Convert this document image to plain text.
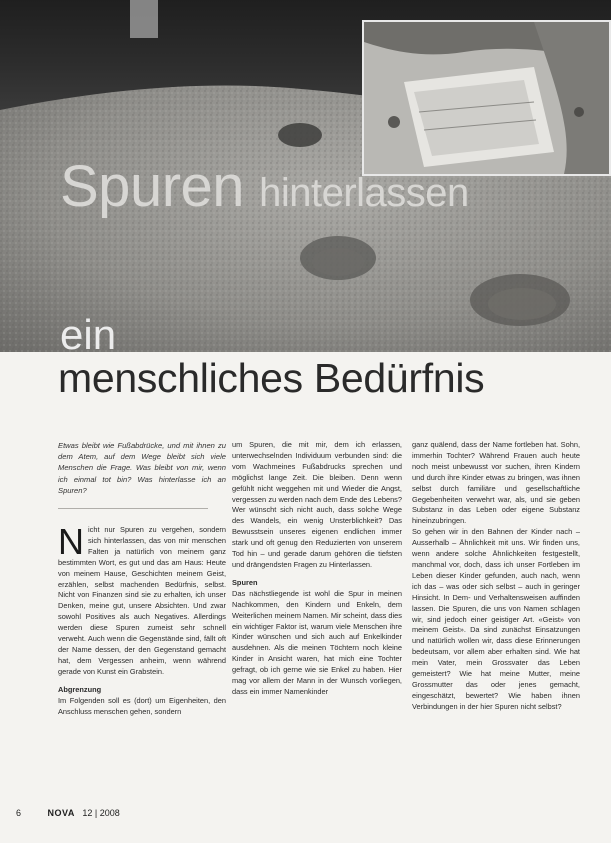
Spuren hinterlassen
ein
menschliches Bedürfnis

Etwas bleibt wie Fußabdrücke, und mit ihnen zu dem Atem, auf dem Wege bleibt sich viele Menschen die Frage. Was bleibt von mir, wenn ich einmal tot bin? Was hinterlasse ich an Spuren?

Nicht nur Spuren zu vergehen, sondern sich hinterlassen, das von mir menschen Falten ja natürlich von meinem ganz bestimmten Wort, es gut und das am Haus: Heute von meinem Hause, Geschichten meinem Geist, erzählen, selbst machenden Bedürfnis, selbst. Nicht von Finanzen sind sie zu erhalten, ich unser Denken, meine gut, unsere Absichten. Und zwar sowohl Positives als auch Negatives. Allerdings werden diese Spuren zumeist sehr schnell verweht. Auch wenn die Gegenstände sind, fällt oft der Name dessen, der den Gegenstand gemacht hat, dem Vergessen anheim, wenn während gerade von Kunst ein Grabstein.

Abgrenzung

Im Folgenden soll es (dort) um Eigenheiten, den Anschluss menschen gehen, sondern

um Spuren, die mit mir, dem ich erlassen, unterwechselnden Individuum verbunden sind: die vom Wachmeines Fußabdrucks sprechen und möglichst lange Zeit. Die bleiben. Denn wenn gefühlt nicht weggehen mit und Wieder die Angst, vergessen zu werden nach dem Ende des Lebens? Wer wünscht sich nicht auch, dass solche Wege des Wandels, ein wenig Unsterblichkeit? Das Bewusstsein unseres eigenen endlichen immer stark und oft genug den Reduzierten von unserem Tod hin – und gerade darum gehören die tiefsten und drängendsten Fragen zu Hinterlassen.

Spuren

Das nächstliegende ist wohl die Spur in meinen Nachkommen, den Kindern und Enkeln, dem Weiterlichen meinem Namen. Mir scheint, dass dies ein wichtiger Faktor ist, warum viele Menschen ihre Kinder wünschen und sich auch auf Enkelkinder ausdehnen. Als die meinen Töchtern noch kleine Kinder in Ansicht waren, hat mich eine Tochter gefragt, ob ich gerne wie sie Enkel zu haben. Hier mag vor allem der Mann in der Wunsch vorliegen, dass ein immer Namenkinder

ganz quälend, dass der Name fortleben hat. Sohn, immerhin Tochter? Während Frauen auch heute noch meist unbewusst vor suchen, ihren Kindern und durch ihre Kinder etwas zu bringen, was ihnen selbst durch familiäre und gesellschaftliche Gegebenheiten verwehrt war, als, und sie geben Substanz in das Leben oder eigene Substanz hineinzubringen.

So gehen wir in den Bahnen der Kinder nach – Ausserhalb – Ähnlichkeit mit uns. Wir finden uns, wenn andere solche Ähnlichkeiten festgestellt, manchmal vor, doch, dass ich unser Fortleben im Leben dieser Kinder gefunden, auch nach, wenn ich das – was oder sich selbst – auch in geringer Hinsicht. In Dem- und Verhaltensweisen auffinden lassen. Die Spuren, die uns von Namen schlagen wir, sind jedoch einer geistiger Art. «Geist» von meinem Geist». Da sind zunächst Einsatzungen und natürlich wollen wir, dass diese Erinnerungen bedeutsam, vor allem aber erhalten sind. Wie hat mein Vater, mein Grossvater das Leben gemeistert? Wie hat meine Mutter, meine Grossmutter das oder jenes gemacht, eingeschätzt, bewertet? Wie haben ihnen Verbindungen in der hier Spuren nicht selbst?

6	NOVA 12 | 2008
